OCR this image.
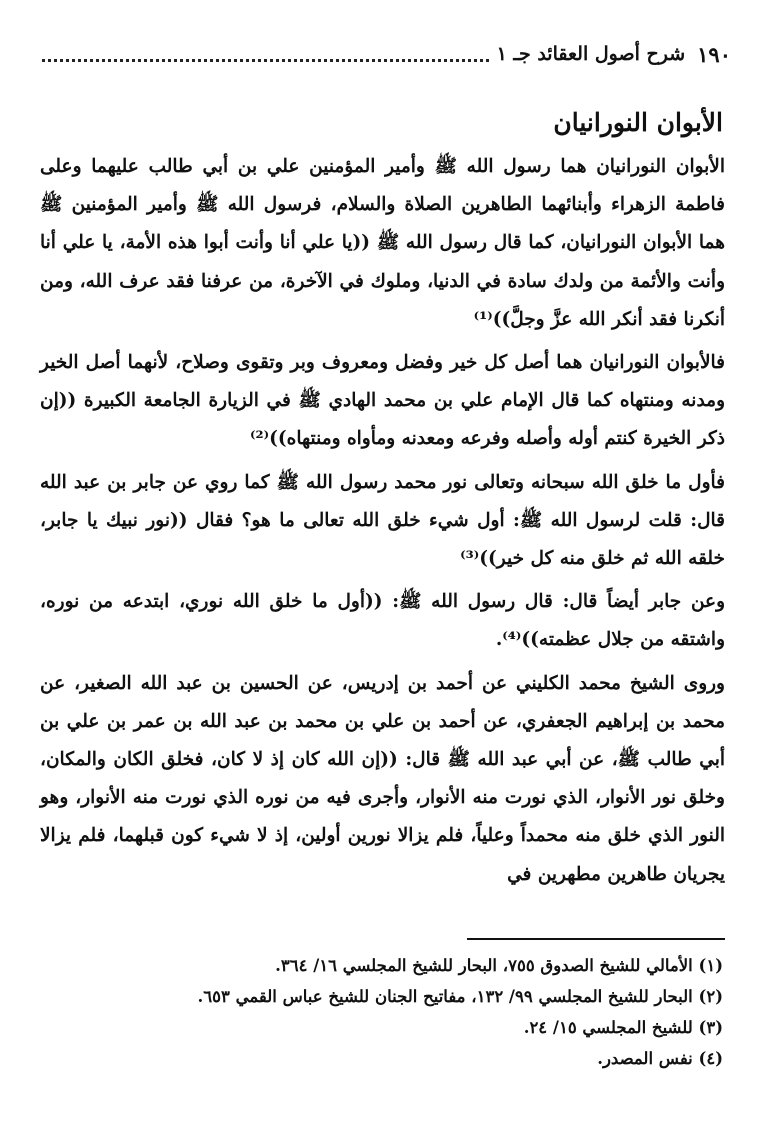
١٩٠
شرح أصول العقائد جـ ١
الأبوان النورانيان

الأبوان النورانيان هما رسول الله ﷺ وأمير المؤمنين علي بن أبي طالب عليهما وعلى فاطمة الزهراء وأبنائهما الطاهرين الصلاة والسلام، فرسول الله ﷺ وأمير المؤمنين ﷺ هما الأبوان النورانيان، كما قال رسول الله ﷺ ((يا علي أنا وأنت أبوا هذه الأمة، يا علي أنا وأنت والأئمة من ولدك سادة في الدنيا، وملوك في الآخرة، من عرفنا فقد عرف الله، ومن أنكرنا فقد أنكر الله عزَّ وجلَّ))⁽¹⁾

فالأبوان النورانيان هما أصل كل خير وفضل ومعروف وبر وتقوى وصلاح، لأنهما أصل الخير ومدنه ومنتهاه كما قال الإمام علي بن محمد الهادي ﷺ في الزيارة الجامعة الكبيرة ((إن ذكر الخيرة كنتم أوله وأصله وفرعه ومعدنه ومأواه ومنتهاه))⁽²⁾

فأول ما خلق الله سبحانه وتعالى نور محمد رسول الله ﷺ كما روي عن جابر بن عبد الله قال: قلت لرسول الله ﷺ: أول شيء خلق الله تعالى ما هو؟ فقال ((نور نبيك يا جابر، خلقه الله ثم خلق منه كل خير))⁽³⁾

وعن جابر أيضاً قال: قال رسول الله ﷺ: ((أول ما خلق الله نوري، ابتدعه من نوره، واشتقه من جلال عظمته))⁽⁴⁾.

وروى الشيخ محمد الكليني عن أحمد بن إدريس، عن الحسين بن عبد الله الصغير، عن محمد بن إبراهيم الجعفري، عن أحمد بن علي بن محمد بن عبد الله بن عمر بن علي بن أبي طالب ﷺ، عن أبي عبد الله ﷺ قال: ((إن الله كان إذ لا كان، فخلق الكان والمكان، وخلق نور الأنوار، الذي نورت منه الأنوار، وأجرى فيه من نوره الذي نورت منه الأنوار، وهو النور الذي خلق منه محمداً وعلياً، فلم يزالا نورين أولين، إذ لا شيء كون قبلهما، فلم يزالا يجريان طاهرين مطهرين في

(١) الأمالي للشيخ الصدوق ٧٥٥، البحار للشيخ المجلسي ١٦/ ٣٦٤.
(٢) البحار للشيخ المجلسي ٩٩/ ١٣٢، مفاتيح الجنان للشيخ عباس القمي ٦٥٣.
(٣) للشيخ المجلسي ١٥/ ٢٤.
(٤) نفس المصدر.
